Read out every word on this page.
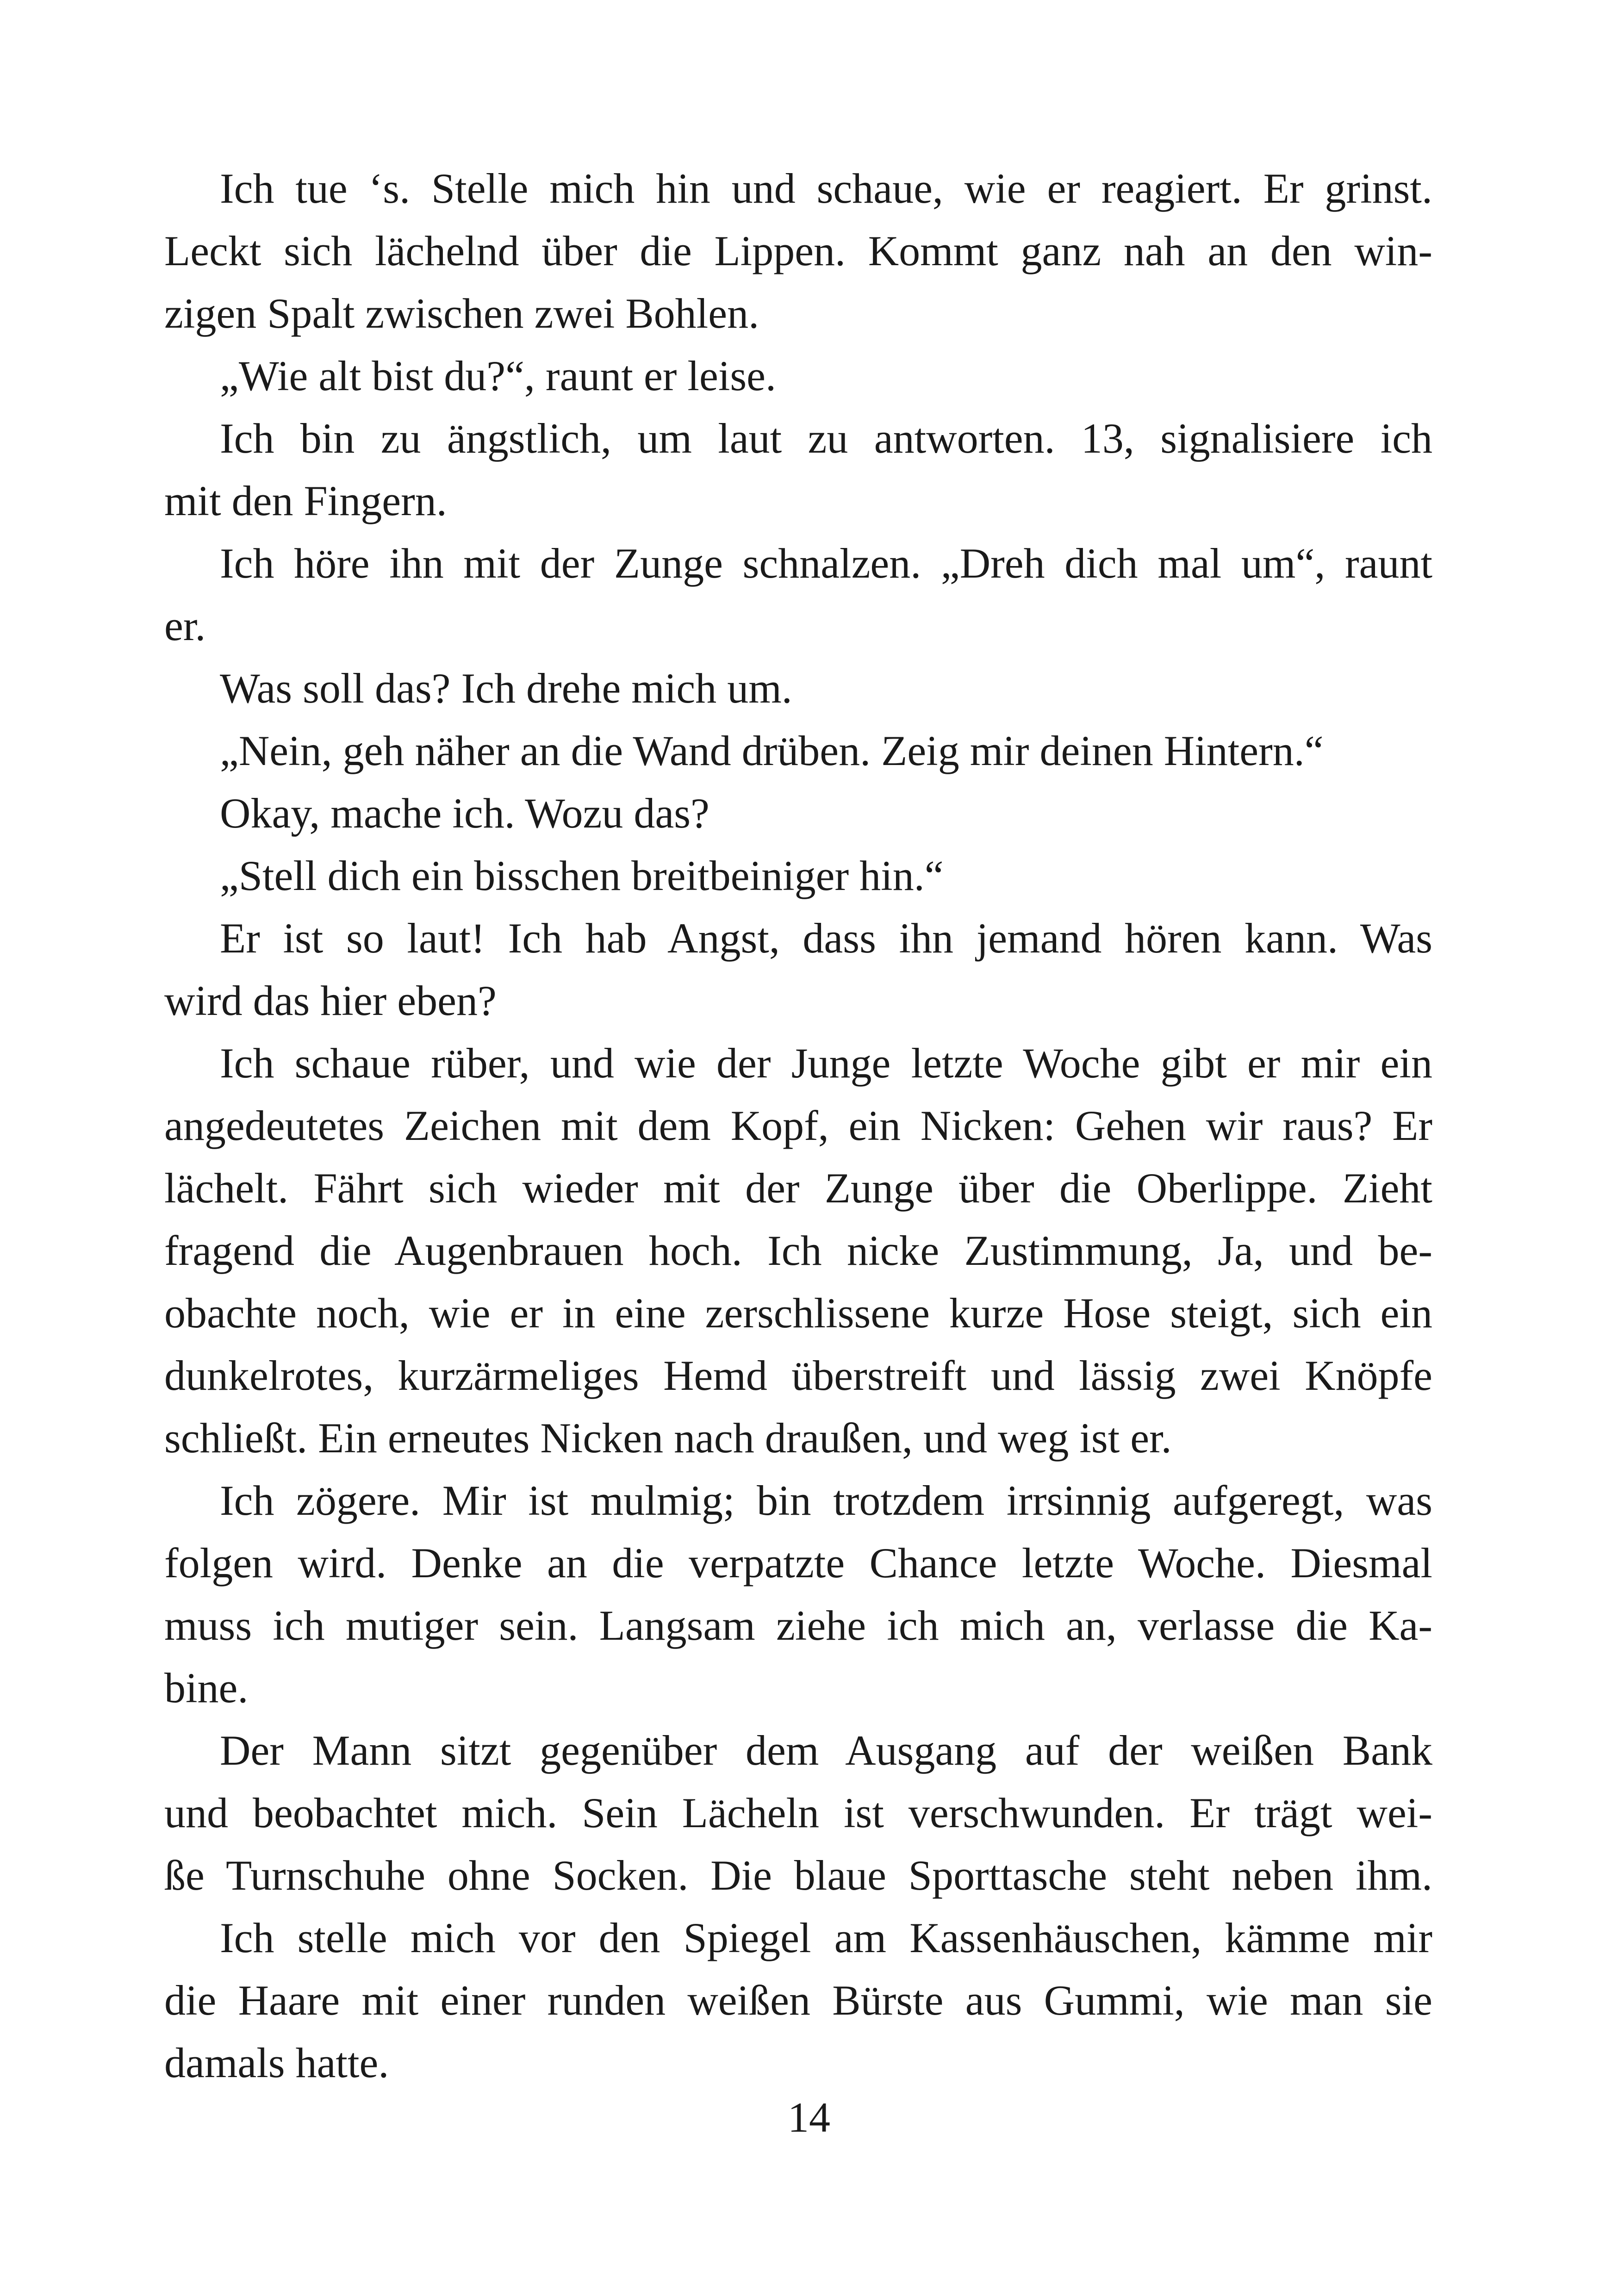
Ich tue ‘s. Stelle mich hin und schaue, wie er reagiert. Er grinst.
Leckt sich lächelnd über die Lippen. Kommt ganz nah an den win-
zigen Spalt zwischen zwei Bohlen.
„Wie alt bist du?“, raunt er leise.
Ich bin zu ängstlich, um laut zu antworten. 13, signalisiere ich
mit den Fingern.
Ich höre ihn mit der Zunge schnalzen. „Dreh dich mal um“, raunt
er.
Was soll das? Ich drehe mich um.
„Nein, geh näher an die Wand drüben. Zeig mir deinen Hintern.“
Okay, mache ich. Wozu das?
„Stell dich ein bisschen breitbeiniger hin.“
Er ist so laut! Ich hab Angst, dass ihn jemand hören kann. Was
wird das hier eben?
Ich schaue rüber, und wie der Junge letzte Woche gibt er mir ein
angedeutetes Zeichen mit dem Kopf, ein Nicken: Gehen wir raus? Er
lächelt. Fährt sich wieder mit der Zunge über die Oberlippe. Zieht
fragend die Augenbrauen hoch. Ich nicke Zustimmung, Ja, und be-
obachte noch, wie er in eine zerschlissene kurze Hose steigt, sich ein
dunkelrotes, kurzärmeliges Hemd überstreift und lässig zwei Knöpfe
schließt. Ein erneutes Nicken nach draußen, und weg ist er.
Ich zögere. Mir ist mulmig; bin trotzdem irrsinnig aufgeregt, was
folgen wird. Denke an die verpatzte Chance letzte Woche. Diesmal
muss ich mutiger sein. Langsam ziehe ich mich an, verlasse die Ka-
bine.
Der Mann sitzt gegenüber dem Ausgang auf der weißen Bank
und beobachtet mich. Sein Lächeln ist verschwunden. Er trägt wei-
ße Turnschuhe ohne Socken. Die blaue Sporttasche steht neben ihm.
Ich stelle mich vor den Spiegel am Kassenhäuschen, kämme mir
die Haare mit einer runden weißen Bürste aus Gummi, wie man sie
damals hatte.
14
